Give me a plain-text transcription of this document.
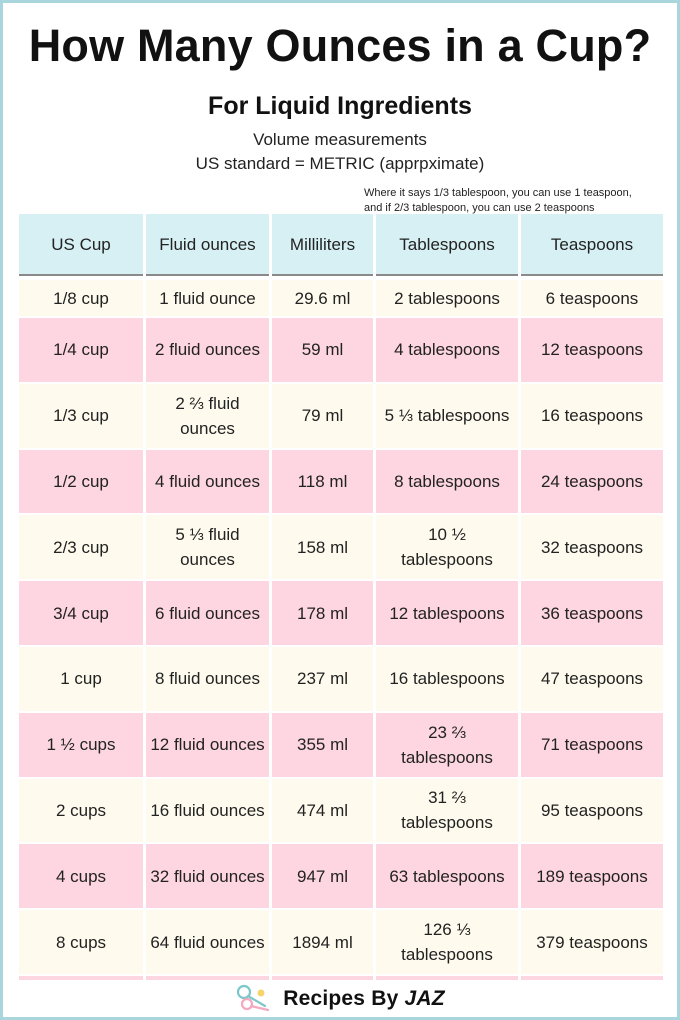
How Many Ounces in a Cup?
For Liquid Ingredients
Volume measurements
US standard = METRIC (apprpximate)
Where it says 1/3 tablespoon, you can use 1 teaspoon,
and if 2/3 tablespoon, you can use 2 teaspoons
US Cup	Fluid ounces	Milliliters	Tablespoons	Teaspoons

1/8 cup	1 fluid ounce	29.6 ml	2 tablespoons	6 teaspoons
1/4 cup	2 fluid ounces	59 ml	4 tablespoons	12 teaspoons
1/3 cup	2 ⅔ fluid ounces	79 ml	5 ⅓ tablespoons	16 teaspoons
1/2 cup	4 fluid ounces	118 ml	8 tablespoons	24 teaspoons
2/3 cup	5 ⅓ fluid ounces	158 ml	10 ½ tablespoons	32 teaspoons
3/4 cup	6 fluid ounces	178 ml	12 tablespoons	36 teaspoons
1 cup	8 fluid ounces	237 ml	16 tablespoons	47 teaspoons
1 ½ cups	12 fluid ounces	355 ml	23 ⅔ tablespoons	71 teaspoons
2 cups	16 fluid ounces	474 ml	31 ⅔ tablespoons	95 teaspoons
4 cups	32 fluid ounces	947 ml	63 tablespoons	189 teaspoons
8 cups	64 fluid ounces	1894 ml	126 ⅓ tablespoons	379 teaspoons

Recipes By JAZ
